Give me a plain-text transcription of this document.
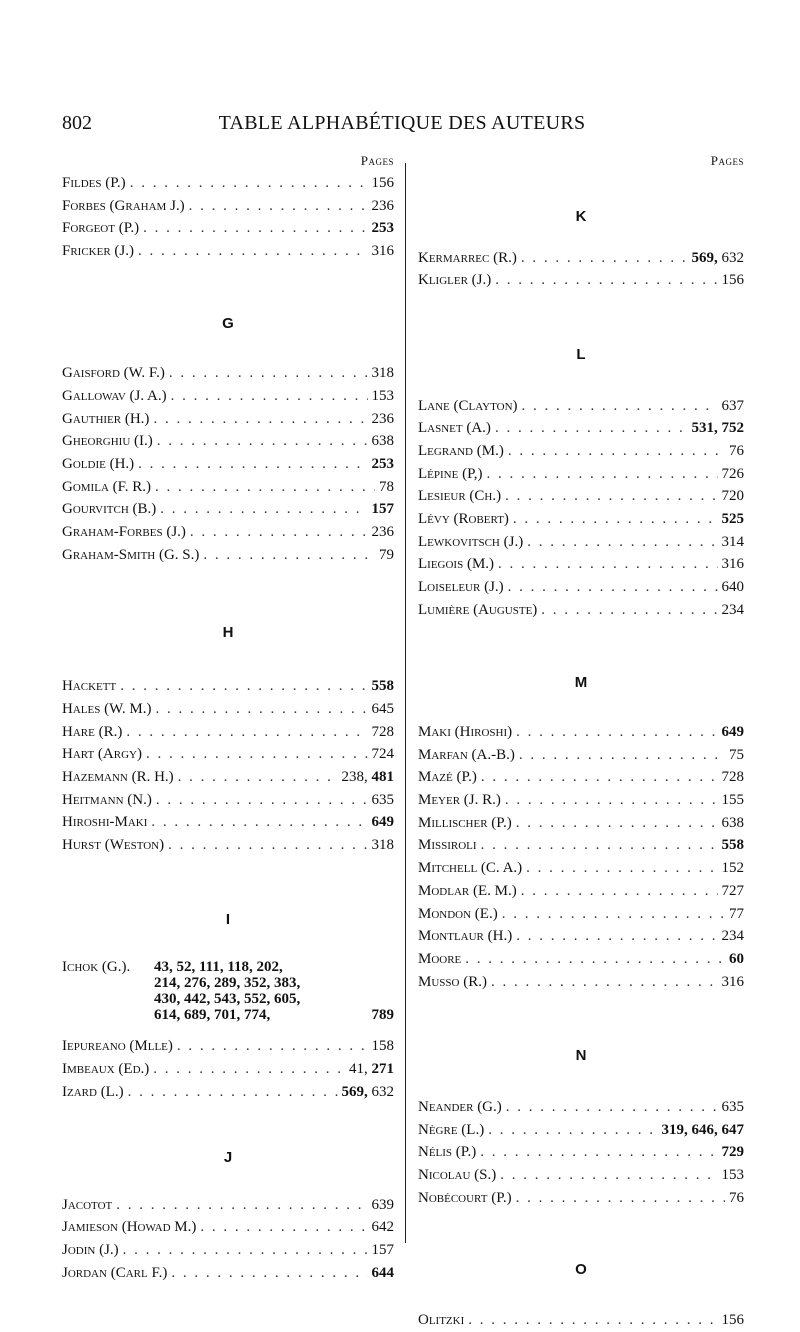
802	TABLE ALPHABÉTIQUE DES AUTEURS
Pages
Fildes (P.) . . .	156
Forbes (Graham J.) . . .	236
Forgeot (P.) . . .	253
Fricker (J.) . . .	316
G
Gaisford (W. F.) . . .	318
Gallowav (J. A.) . . .	153
Gauthier (H.) . . .	236
Gheorghiu (I.) . . .	638
Goldie (H.) . . .	253
Gomila (F. R.) . . .	78
Gourvitch (B.) . . .	157
Graham-Forbes (J.) . . .	236
Graham-Smith (G. S.) . . .	79
H
Hackett . . .	558
Hales (W. M.) . . .	645
Hare (R.) . . .	728
Hart (Argy) . . .	724
Hazemann (R. H.) . . .	238, 481
Heitmann (N.) . . .	635
Hiroshi-Maki . . .	649
Hurst (Weston) . . .	318
I
Ichok (G.).	43, 52, 111, 118, 202,
214, 276, 289, 352, 383,
430, 442, 543, 552, 605,
614, 689, 701, 774,	789
Iepureano (Mlle) . . .	158
Imbeaux (Ed.) . . .	41, 271
Izard (L.) . . .	569, 632
J
Jacotot . . .	639
Jamieson (Howad M.) . . .	642
Jodin (J.) . . .	157
Jordan (Carl F.) . . .	644
Pages
K
Kermarrec (R.) . . .	569, 632
Kligler (J.) . . .	156
L
Lane (Clayton) . . .	637
Lasnet (A.) . . .	531, 752
Legrand (M.) . . .	76
Lépine (P,) . . .	726
Lesieur (Ch.) . . .	720
Lévy (Robert) . . .	525
Lewkovitsch (J.) . . .	314
Liegois (M.) . . .	316
Loiseleur (J.) . . .	640
Lumière (Auguste) . . .	234
M
Maki (Hiroshi) . . .	649
Marfan (A.-B.) . . .	75
Mazé (P.) . . .	728
Meyer (J. R.) . . .	155
Millischer (P.) . . .	638
Missiroli . . .	558
Mitchell (C. A.) . . .	152
Modlar (E. M.) . . .	727
Mondon (E.) . . .	77
Montlaur (H.) . . .	234
Moore . . .	60
Musso (R.) . . .	316
N
Neander (G.) . . .	635
Nègre (L.) . . .	319, 646, 647
Nélis (P.) . . .	729
Nicolau (S.) . . .	153
Nobécourt (P.) . . .	76
O
Olitzki . . .	156
